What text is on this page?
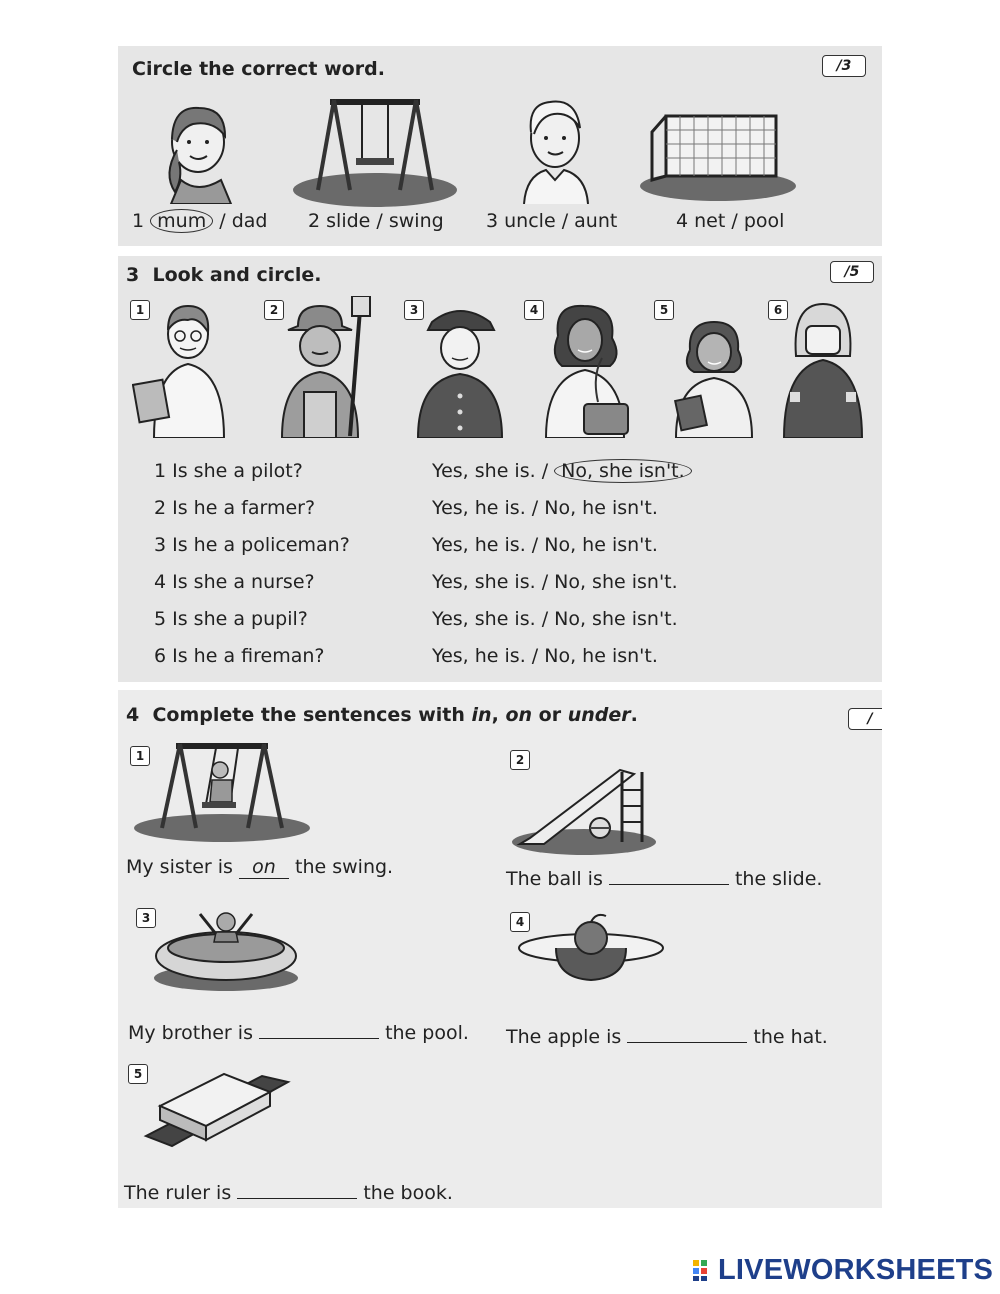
Circle the correct word.	/3
1 mum / dad 2 slide / swing 3 uncle / aunt	4 net / pool
3 Look and circle.	/5
1	2	3	4	5	6
1 Is she a pilot?	Yes, she is. / No, she isn't.
2 Is he a farmer?	Yes, he is. / No, he isn't.
3 Is he a policeman?	Yes, he is. / No, he isn't.
4 Is she a nurse?	Yes, she is. / No, she isn't.
5 Is she a pupil?	Yes, she is. / No, she isn't.
6 Is he a fireman?	Yes, he is. / No, he isn't.
4 Complete the sentences with in, on or under.	/
1	2
3	4
5
My sister is on the swing.
The ball is	the slide.
My brother is	the pool. The apple is	the hat.
The ruler is	the book.
LIVEWORKSHEETS
